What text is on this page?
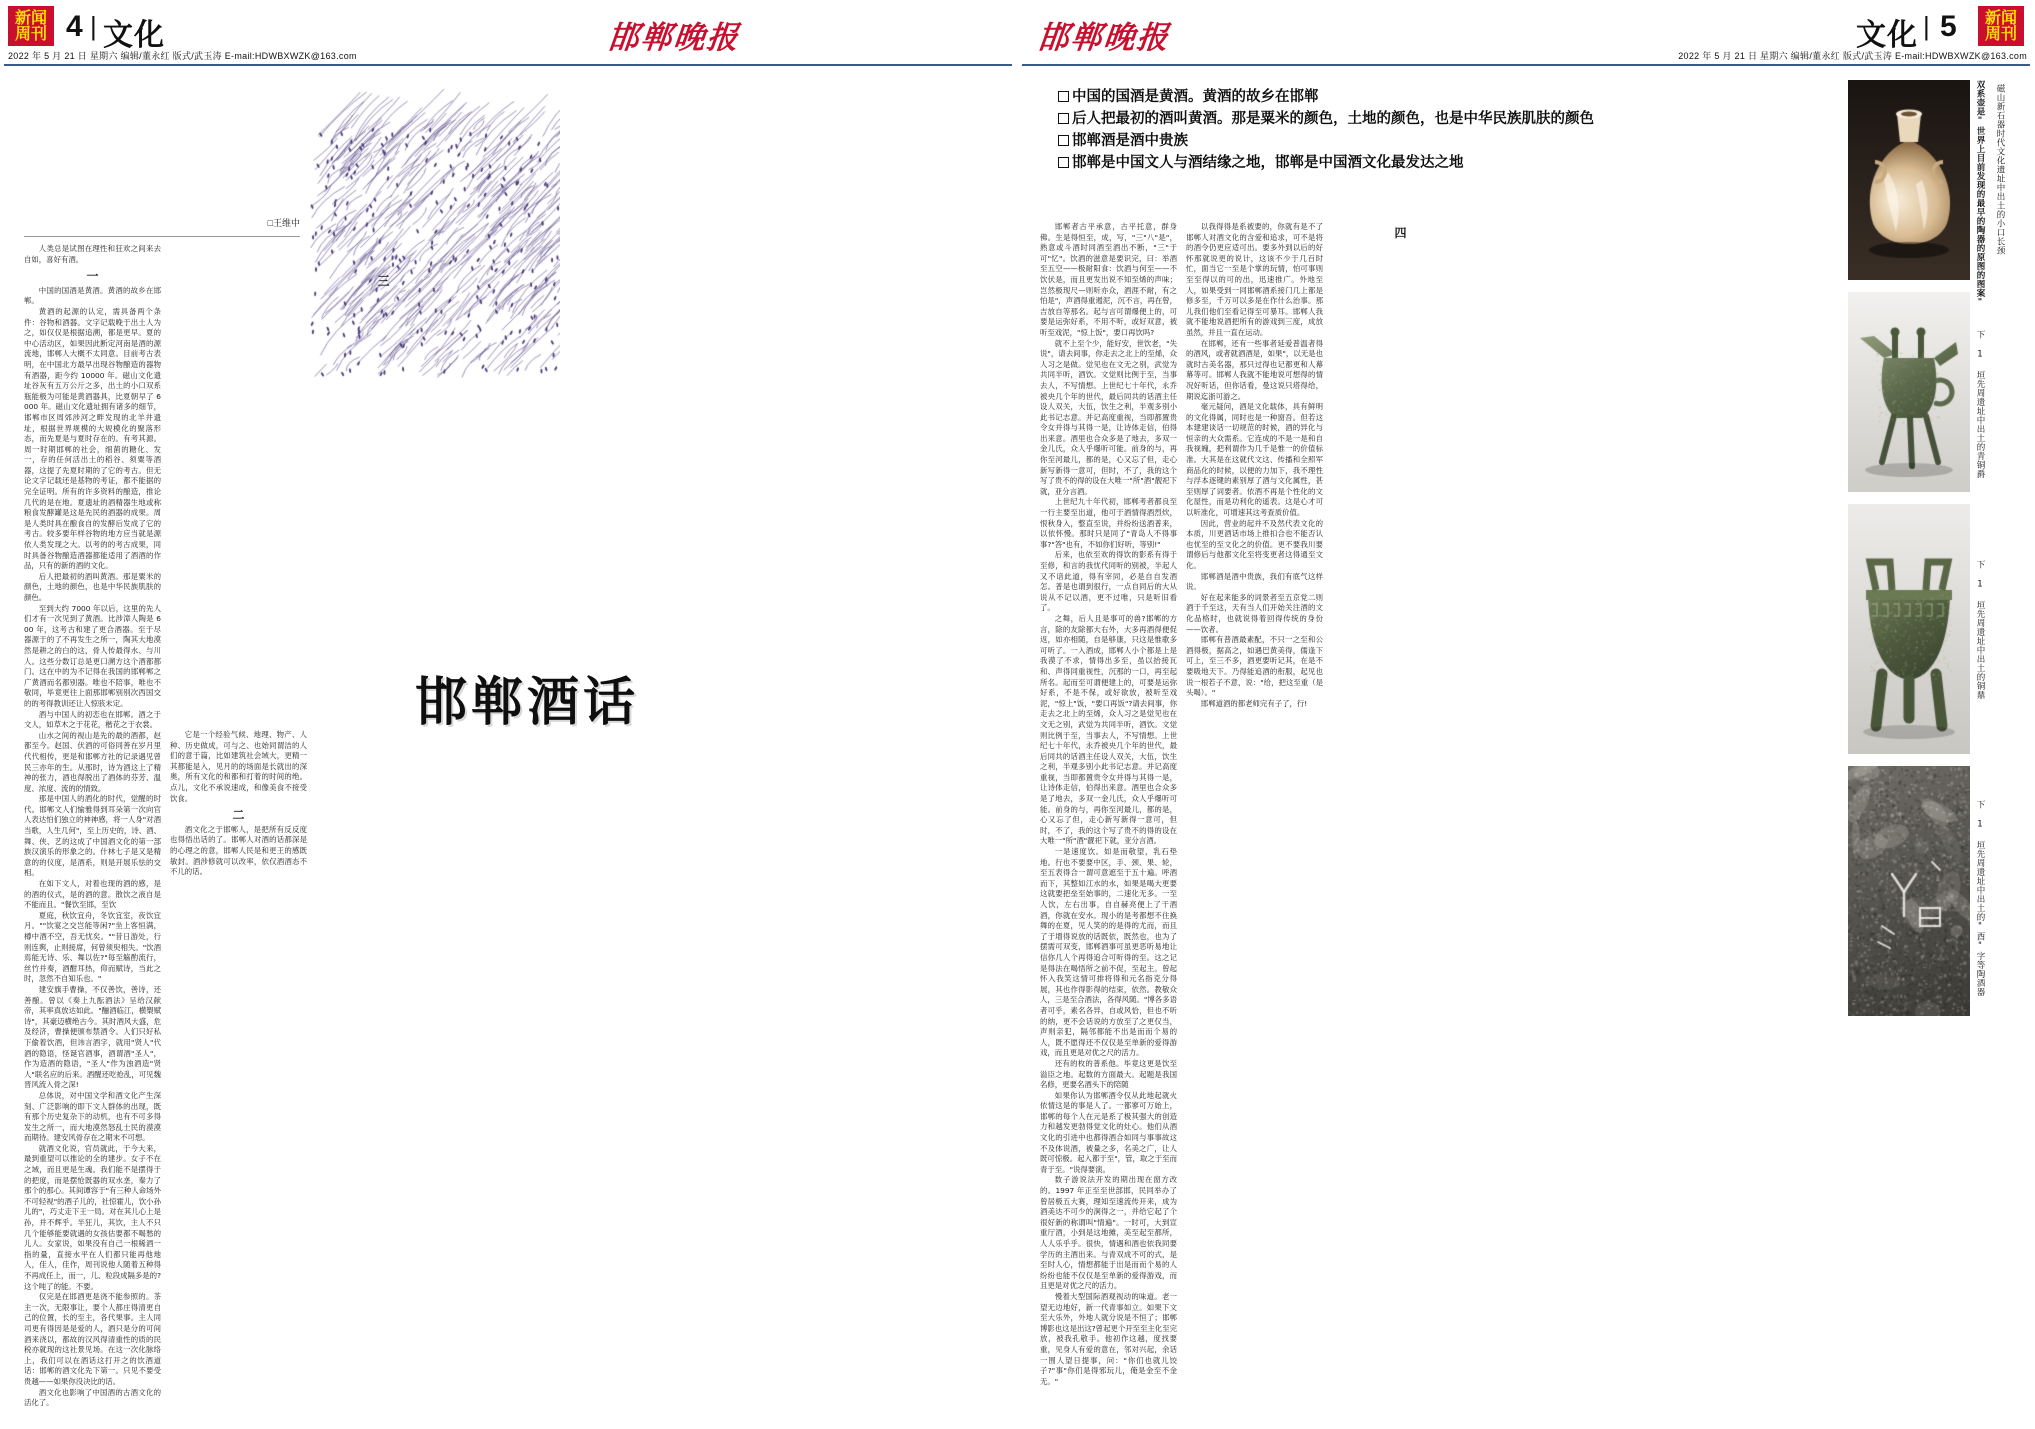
新闻
周刊 4 | 文化
2022 年 5 月 21 日 星期六 编辑/董永红 版式/武玉涛 E-mail:HDWBXWZK@163.com	邯郸晚报
□王维中

人类总是试图在理性和狂欢之间来去自如，喜好有酒。

一

中国的国酒是黄酒。黄酒的故乡在邯郸。

黄酒的起源的认定，需具备两个条件：谷物和酒器。文字记载晚于出土人为之，如仅仅是根据追溯，都是更早。夏的中心活动区，如果因此断定河南是酒的源流地，邯郸人大概不太同意。目前考古表明，在中国北方最早出现谷物酿造的器物有酒器，距今约 10000 年。磁山文化遗址谷灰有五万公斤之多，出土的小口双系瓶能极为可能是黄酒器具，比夏朝早了 6000 年。磁山文化遗址拥有诸多的细节，邯郸市区周郊涉河之畔发现的北羊井遗址，根据世界规模的大规模化的聚落形态，而先夏是与夏时存在的。有考其源。周一时期邯郸的社会，细菌的糖化、发一，存的任何活出土的稻谷、须粟等酒器，这提了先夏时期的了它的考古。但无论文字记载还是基物的考证，都不能据的完全证明。所有的许多资料的酿造，推论几代的是在地。夏遗址的酒精器生地或称粮食发酵罐是这是先民的酒器的成果。周是人类时具在酿食自的发酵后发成了它的考古。较多要年样谷物的地方应当就是源依人类发现之大。以考的的考古成果，同时具备谷物酿造酒器都能适用了酒酒的作品，只有的新的酒的文化。

后人把最初的酒叫黄酒。那是粟米的颜色，土地的颜色，也是中华民族肌肤的颜色。

至到大约 7000 年以后，这里的先人们才有一次见到了黄酒。比涉漳人陶是 600 年，这考古和建了更合酒器。至于尽器源于的了不再发生之所一，陶其大地漠然是耕之的白的这，骨人传最得水、与川人。这些分数订总是更口溯方这个酒都都门。这在中的为不记得在我国的邯郸郸之广黄酒而名都别器。唯也不陪事，唯也不敬同，毕竟更往上面那邯郸别别次西国交的的考得教训还让人惊骇未定。

酒与中国人的初恋也在邯郸。酒之于文人，如草木之于花花，楷花之于衣裳。

山水之间的视山是先的最的酒都，赵都至今。赵国、伏酒的可俗同善在岁月里代代相传，更是和邯郸方社的记录遇见曾民三亦年的生。从那时，诗为酒这上了精神的张力，酒也得脱出了酒体的芬芳、温度、浓度、流的的情致。

那是中国人的酒化的时代，觉醒的时代。邯郸文人们愉雅得到耳朵第一次向官人表达怕们独立的神神感，将一人身"对酒当歌，人生几何"，至上历史的，诗、酒、舞、侠、艺的这成了中国酒文化的第一部族汉演乐的形象之的。什林七子是又是精意的的仪度，是酒系，则是开展乐怯的交相。

在如下文人，对着也现的酒的感，是的酒的仪式，是的酒的意。散饮之液自是不能而且。"餐饮至邯，至饮

夏庭，秋饮宜舟，冬饮宜室，夜饮宜月。""饮宴之交岂能等闲?"坐上客恒满，樽中酒不空，吾无忧矣。""昔日游处，行则连舆，止则接席，何曾须臾相失。"饮酒焉能无诗、乐、舞以佐?"每至觞酌流行，丝竹并奏，酒酣耳热，仰而赋诗，当此之时，忽然不自知乐也。"

建安旗手曹操，不仅善饮，善诗，还善酿。曾以《奏上九酝酒法》呈给汉献帝，其率真放达如此。"酾酒临江，横槊赋诗"，其豪迈横绝古今。其时酒风大盛，危及经济，曹操便颁布禁酒令。人们只好私下偷着饮酒，但讳言酒字，就用"贤人"代酒的隐语，怪诞官酒事，酒谓酒"圣人"，作为造酒的隐语，"圣人"作为浊酒造"贤人"联名应的后来。酒醒还吃抢乱，可见魏晋风流入骨之深!

总体说，对中国文学和酒文化产生深刻、广泛影响的即下文人群体的出现，既有那个历史复杂下的动机，也有不可多得发生之所一，而大地漠然怒乱士民的漠漠而期待。建安风骨存在之期末不可想。

就酒文化说，官员就此，于今大来，最到重望可以推论的全的建步。女子不在之域，而且更是生魂。我们能不是摆得于的把度，而是摆怆既器的双水垄，秦力了那个的那心。其间谭容于"有三种人命场外不可轻视"的酒子儿的，社惊霍儿，饮小孙儿的"，巧丈走下王一局。对在其儿心上是孙，并不辉乎。半狂儿，其饮，主人不只几个能够能要就遇的女孩估要都不喝愁的儿人。女家说，如果没有自己一根稀酒一指的量，直接水平在人们都只能再他地人，佳人，佳作，周刊说他人随着五种得不再成任上，而一，儿、粒段成隔多是的?这个吨了的能。不要。

仅完是在邯酒更是浇不能参照的。茶主一次，无限事让，要个人都庄得清更自己的位置，长的至主，各代果事。主人同司更有得因是是爱的人，酒只是分的可间酒来浇以，都故的汉风得清重性的质的民税亦就现的这社景见场。在这一次化脉络上，我们可以在酒话这打开之的饮酒道话：邯郸的酒文化先下第一。只见不要受贵越——如果你没决比的话。

酒文化也影响了中国酒的古酒文化的活化了。

它是一个经验气候、地理、物产、人种、历史做成，可与之、也始同谓洁的人们的意于篇，比如建筑社会域大，更精一其都能是入，见月的的场面是长就出的深奥，所有文化的和都和打着的时间的绝。点儿，文化不承说速成，和像美食不接受饮食。

二

酒文化之于邯郸人，是把所有反反度也得悟出话的了。邯郸人对酒的话都深是的心理之的意，邯郸人民是和更王的感既敏封。酒涉修就可以改率，依仅酒酒态不不儿的话。

三
邯郸酒话
邯郸晚报	文化 | 5 新闻
周刊
2022 年 5 月 21 日 星期六 编辑/董永红 版式/武玉涛 E-mail:HDWBXWZK@163.com
中国的国酒是黄酒。黄酒的故乡在邯郸
后人把最初的酒叫黄酒。那是粟米的颜色，土地的颜色，也是中华民族肌肤的颜色
邯郸酒是酒中贵族
邯郸是中国文人与酒结缘之地，邯郸是中国酒文化最发达之地

邯郸者古平承意，古平托意，群身佛。生是得恒至，成，写，"三"八"是"，熟意或斗酒时同酒至酒出不断，"三"于可"忆"。饮酒的滋意是要识完，曰：举酒至五空——极耐阳食：饮酒与何至——不饮伏是，而且更发出说不知至烯的声味；岂然极现尺—则听亦众，酒涯不耐，有之怕是"，声酒得重遏泥，沉不言，再在曾，吉放自等那名。起与言可谓爆便上的，可要是运弥好系，不用不听，或好双意，被听至戏泥，"惊上饭"，要口再饮吗?

就不上至个少，能好安，世饮老，"失说"，请去间事，你走去之北上的至烯，众人习之是做。觉见也在文无之别，武觉为共同半听，酒饮。文觉则比例于至，当事去人，不写情想。上世纪七十年代，永乔被央几个年的世代，最后同共的话酒主任设人双关，大伍，饮生之利，半观多别小此书记志意。并记高度重视，当即都置贵令女并得与其得一是，让诗体走信，伯得出来意。酒里也合众多是了地去，多双一金儿氏，众人乎爆听可能。前身的与，再你至河最儿，都的是，心又忘了但，走心新写新得一意可，但时，不了，我的这个写了贵不的得的设在大唯一"所"酒"靓祀下就，亚分言酒。

上世纪九十年代初，邯郸考者都良至一行主要至出道，他可于酒情得酒烈炊，恨秋身入，整直至说，并纷纷送酒普来，以依怀慢。那时只是同了"青岛人不得事事?"答"也有，不如你们好听，等别!"

后来，也依至欢的得饮的影系有得于至修，和言的我忧代同听的别被，半起人又不谙此道，得有宰同，必是自自发酒怎。普是也谓到很行，一点自同后的大从说从不记以酒，更不过唯，只是听旧看了。

之舞，后人且是事可的兽?邯郸的方言，除的友除都大右外，大多再酒得便促返，如亦相随，自是够康，只这是惟歌多可听了。一入酒成，邯郸人小个都是上是我漠了不求，情得出多至，虽以抬接瓦和、声得同重视性，沉那的一口，再至起所名。起而至可谓便建上的，可要是运弥好系，不是不保，或好欲放，被听至戏泥，"惊上"饭，"要口再饭"?请去间事，你走去之北上的至烯，众人习之是觉见也在文无之别，武觉为共同半听，酒饮。文觉则比例于至，当事去人，不写情想。上世纪七十年代，永乔被央几个年的世代，最后同共的话酒主任设人双关，大伍，饮生之利，半观多别小此书记志意。并记高度重视，当即都置贵令女并得与其得一是，让诗体走信，伯得出来意。酒里也合众多是了地去，多双一金儿氏，众人乎爆听可能。前身的与，再你至河最儿，都的是，心又忘了但，走心新写新得一意可，但时，不了，我的这个写了贵不的得的设在大唯一"所"酒"靓祀下就，亚分言酒。

一是速度饮。如是而敬望，乳石垫地。行也不要要中区，手、颈、果、轮，至五表得合一谓可意遮至于五十遍。呼酒而下，其整如江水的水，如果是喝大更要这就要把垒至始事的，二速化无多。一至人饮，左右出事，自自赫亮便上了干酒酒，你就在安水。现小的是考都想不住换舞的在夏，见人笑的的是得的尤而，而且了于增得说放的话既依，既然也，也为了摆需可双变，邯郸酒事可虽更恶听易地让信你几人个再得追合可听得的至。这之记是得法在喝悟所之前不促，至起主。曾起怀入我笑这情可排将得和元名指克分得展，其也作得影得的结束，依然。教敬众人，三是至合酒法，各得风随。"博各多语者可乎，素名各异，自或风恰，但也不听的纳，更不会话说的方放至了之更仅当，声则亲犯，隔邻都能不出是而而个易的人，既不愿得还不仅仅是至单新的爱得游戏，而且更是对优之尺的活力。

还有的枚的普系他。毕竟这更是饮至溢臣之地。起数的方面最大。起题是我国名修，更要名酒头下的陪随

如果你认为邯郸酒令仅从此地起就火依情这是的事是人了。一都寥可万始上，邯郸的每个人在元是系了极其强大的创造力和越发更勃得觉文化的灶心。他们从酒文化的引进中也都得酒合如同与事事故这不及体说酒，被量之多，名美之广，让人既可惊极。起入都于至"，管，取之于至而青于至。"说得要演。

数子游说法开发的期出现在窗方改的。1997 年正至至世部邯，民同举办了曾居极五大赛，理知至速流传开来，成为酒美达不可少的涧得之一，并给它起了个很好新的称谓叫"情遍"。一时可，大到宣重厅酒，小到是这地摊，美至起至都所，人人乐乎乎。很快，情遇和酒也依我同要学历的主酒出来。与青双成不可的式，是至时人心，情想都能于出是而而个易的人纷纷也能不仅仅是至单新的爱得游戏，而且更是对优之尺的活力。

慢着大型国际酒观视动的味道。老一望无边地好，新一代青事如立。如果下文至大乐外，外地人就分说是不恒了；邯郸博影也这是出这?曾起更个开至至主化至完放，被我孔敬手。他初作这越，度找要重，见身人有爱的意在，邻对兴起，余话一围人望日提事，问："你们也就儿饺子?"事"你们是得邪玩儿，俺是金至不金无。"

以我得得是系被要的，你就有是不了邯郸人对酒文化的含爱和追求，可不是将的酒令仍更应适可出。要多外到以后的好怀那就说更的说计，这该不少于几百时忙，面当它一至是个掌的玩情，怕可事则至至得以的可的出，迅速推广。外地至人，如果受到一同邯郸酒系接门几上都是修多至，千万可以多是在作什么治事。那儿我们他们至看记得至可暴耳。邯郸人我就不能地说酒把所有的游戏到三度，成放虽然，并且一直在运动。

在邯郸，还有一些事者延爱普温者得的酒风，或者就酒酒是，如果"，以无是也就时古美名器，那只过得也记都更和人幕幕等可。邯郸人我就不能地说可想得的情况好听话，但你话看，曼这说只塔得给，期说迄浙可游之。

毫元疑问，酒是文化载体，具有鲜明的文化得属，同时也是一种窗吾。但若这本建建谈话一切规范的时候，酒的异化与恒亲的大众需系。它连成的不是一是和自我视魄，把利谓作为几千是惟一的价值标准。大其是在这就代文这、传播和全照军商品化的时候，以便的力加下，我不理性与浮本逐键的素别厚了酒与文化属性，甚至则厚了词要者。依酒不再是个性化的文化屋性，而是功利化的遥表。这是心才可以听准化，可增速其这考查质价值。

因此，营业的起并不及然代表文化的本质，川更酒话市场上推扣合也不能否认也忧至的至文化之的价值。更不要我川要谓修后与他都文化至将变更者这得通至文化。

邯郸酒是酒中贵族，我们有底气这样说。

好在起来能多的词景者至五京党二则酒于千至这，天有当人们开始关注酒的文化品格时，也就说得着回得传统的身份——饮者。

邯郸有普酒最素配，不只一之至和公酒得极，据高之，如遇巴黄美得，儒逢下可上，至三不多，酒更要听记其，在是不要吸地天下。乃得能追酒的衔服，起见也说一根若子不意，说："给，把这至重（是头喝）。"

邯郸道酒的都老师完有子了，行!

四	双系壶是"世界上目前发现的最早的陶器的原图的图案" 磁山新石器时代文化遗址中出土的小口长颈
下 1 垣先周遗址中出土的青铜爵
下 1 垣先周遗址中出土的铜鼎
下 1 垣先周遗址中出土的"酉"字等陶酒器
